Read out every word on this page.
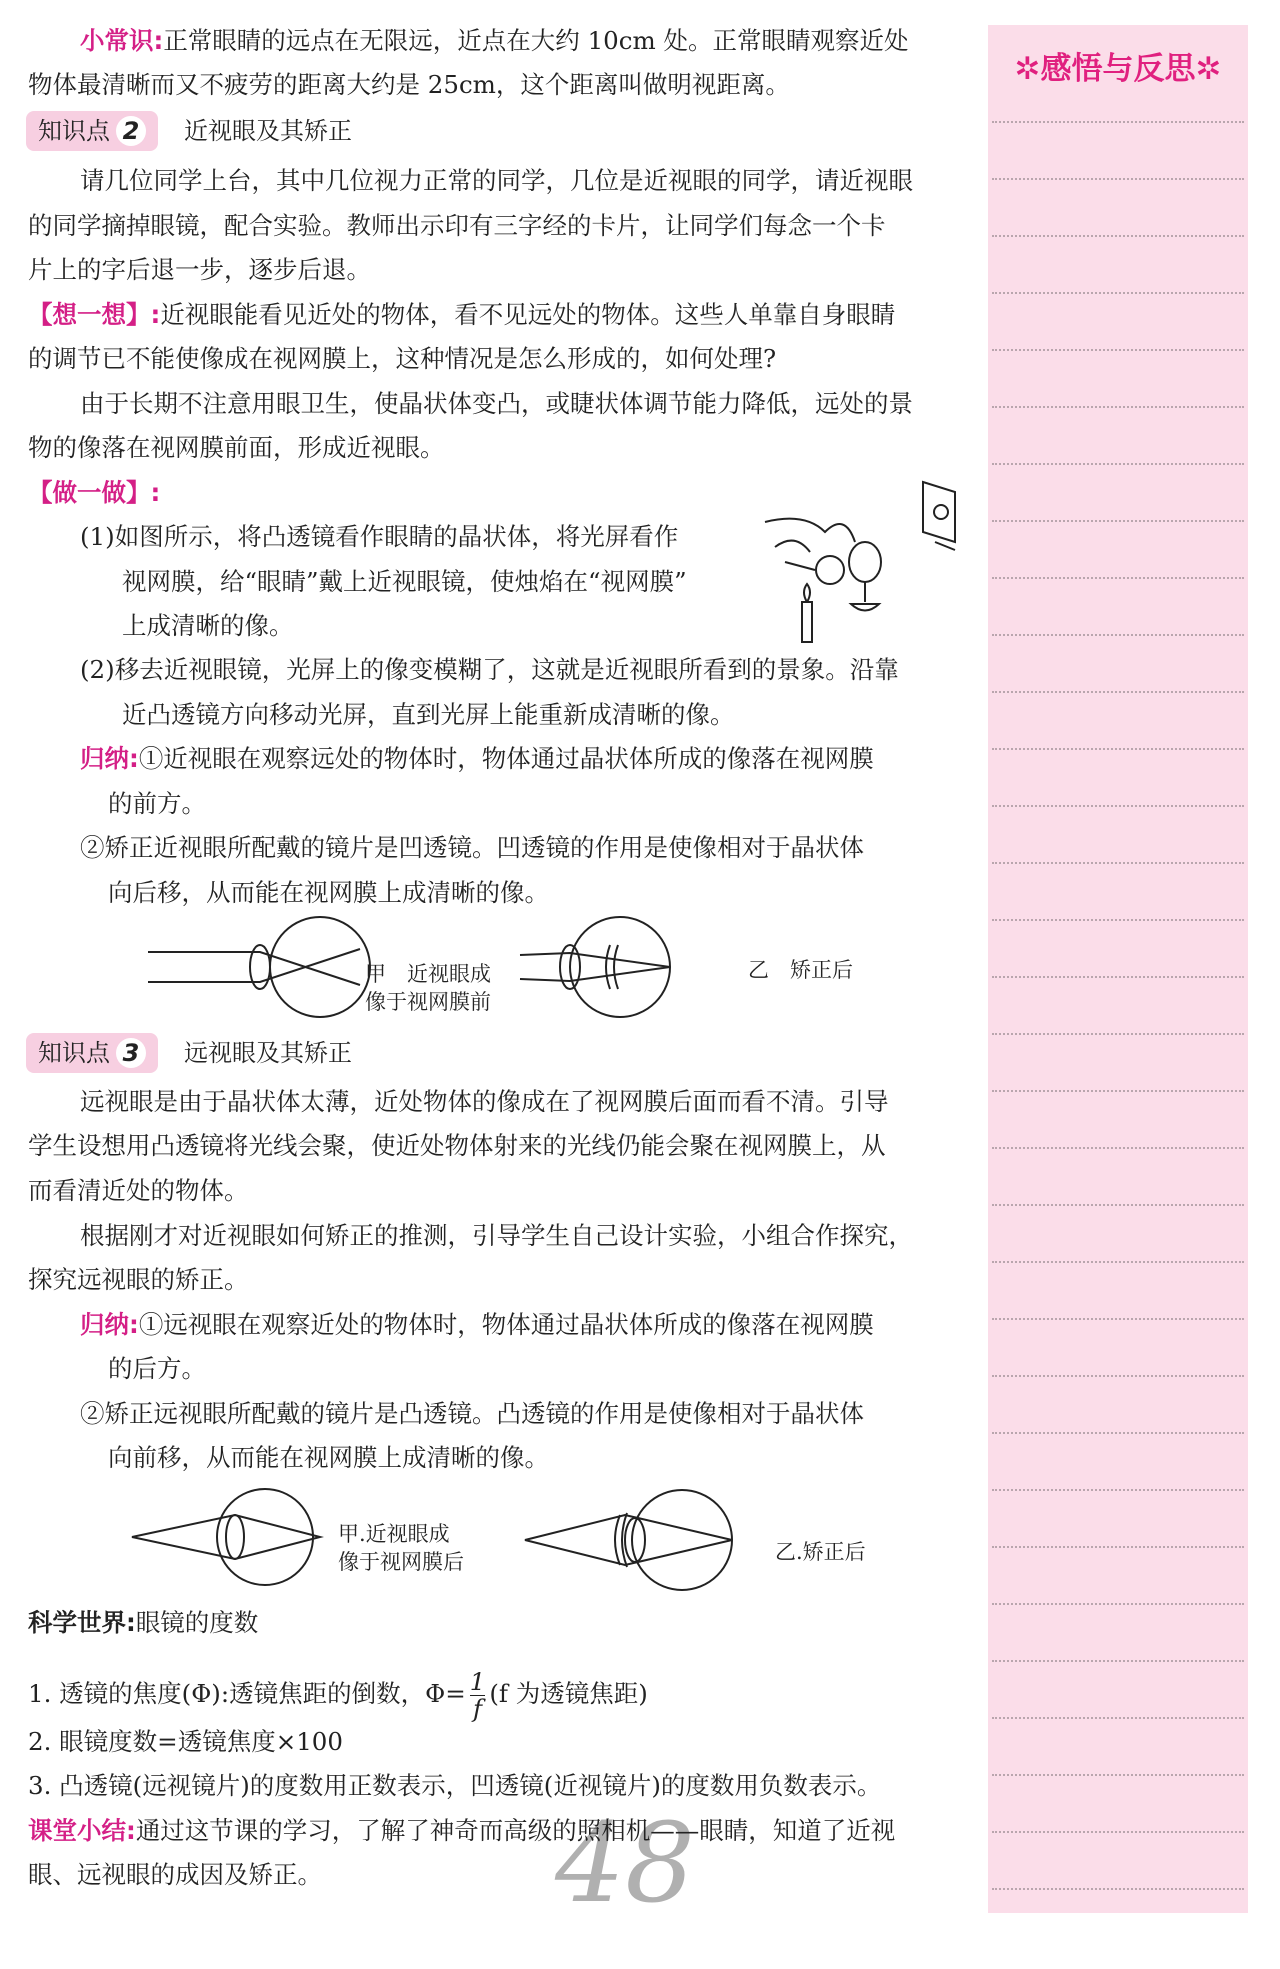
✲感悟与反思✲
小常识:正常眼睛的远点在无限远，近点在大约 10cm 处。正常眼睛观察近处
物体最清晰而又不疲劳的距离大约是 25cm，这个距离叫做明视距离。
知识点 2 近视眼及其矫正
请几位同学上台，其中几位视力正常的同学，几位是近视眼的同学，请近视眼
的同学摘掉眼镜，配合实验。教师出示印有三字经的卡片，让同学们每念一个卡
片上的字后退一步，逐步后退。
【想一想】:近视眼能看见近处的物体，看不见远处的物体。这些人单靠自身眼睛
的调节已不能使像成在视网膜上，这种情况是怎么形成的，如何处理?
由于长期不注意用眼卫生，使晶状体变凸，或睫状体调节能力降低，远处的景
物的像落在视网膜前面，形成近视眼。
【做一做】:
(1)如图所示，将凸透镜看作眼睛的晶状体，将光屏看作
视网膜，给“眼睛”戴上近视眼镜，使烛焰在“视网膜”
上成清晰的像。
(2)移去近视眼镜，光屏上的像变模糊了，这就是近视眼所看到的景象。沿靠
近凸透镜方向移动光屏，直到光屏上能重新成清晰的像。
归纳:①近视眼在观察远处的物体时，物体通过晶状体所成的像落在视网膜
的前方。
②矫正近视眼所配戴的镜片是凹透镜。凹透镜的作用是使像相对于晶状体
向后移，从而能在视网膜上成清晰的像。
甲　近视眼成
像于视网膜前
乙　矫正后
知识点 3 远视眼及其矫正
远视眼是由于晶状体太薄，近处物体的像成在了视网膜后面而看不清。引导
学生设想用凸透镜将光线会聚，使近处物体射来的光线仍能会聚在视网膜上，从
而看清近处的物体。
根据刚才对近视眼如何矫正的推测，引导学生自己设计实验，小组合作探究，
探究远视眼的矫正。
归纳:①远视眼在观察近处的物体时，物体通过晶状体所成的像落在视网膜
的后方。
②矫正远视眼所配戴的镜片是凸透镜。凸透镜的作用是使像相对于晶状体
向前移，从而能在视网膜上成清晰的像。
甲.近视眼成
像于视网膜后	乙.矫正后
科学世界:眼镜的度数
1. 透镜的焦度(Φ):透镜焦距的倒数，$\Phi= \frac{1}{f} (f$ 为透镜焦距)
2. 眼镜度数=透镜焦度×100
3. 凸透镜(远视镜片)的度数用正数表示，凹透镜(近视镜片)的度数用负数表示。
48
课堂小结:通过这节课的学习，了解了神奇而高级的照相机——眼睛，知道了近视
眼、远视眼的成因及矫正。
